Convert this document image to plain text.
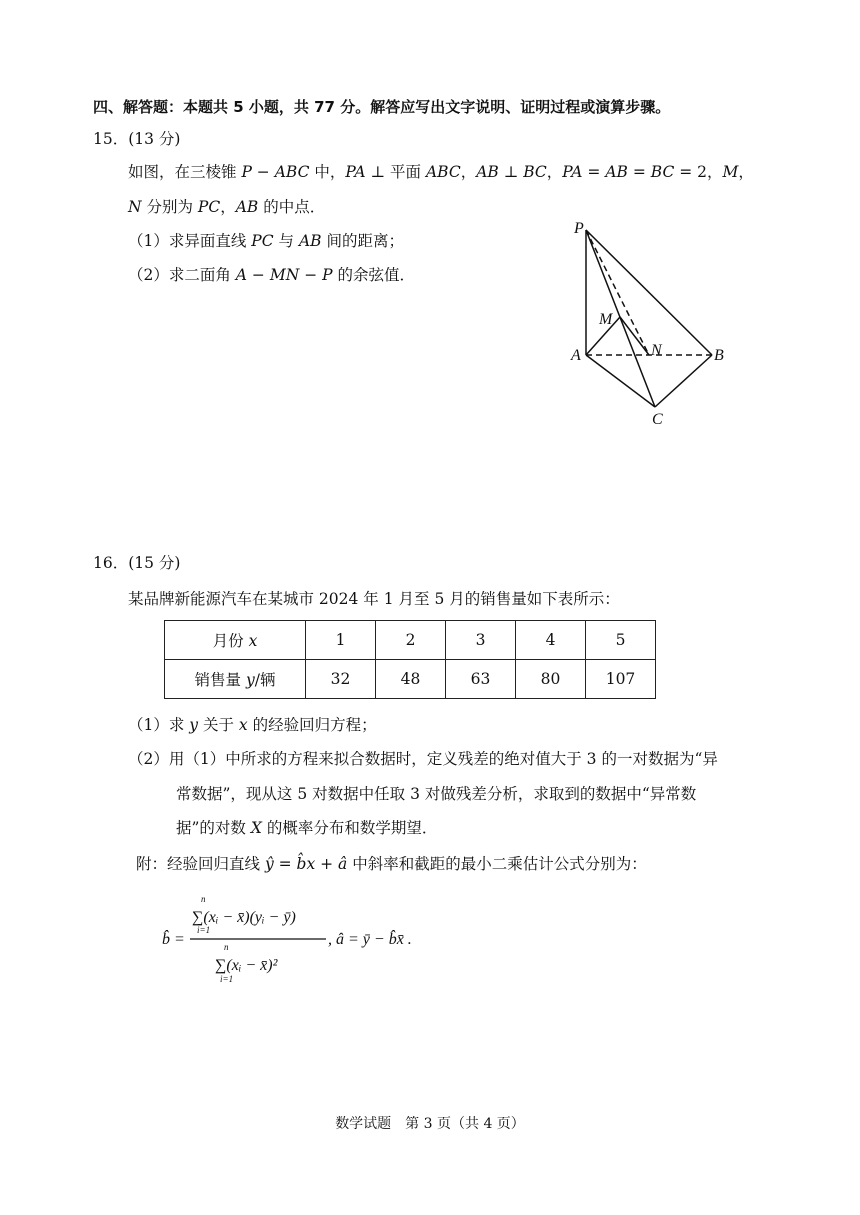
四、解答题：本题共 5 小题，共 77 分。解答应写出文字说明、证明过程或演算步骤。
15．(13 分)
如图，在三棱锥 P − ABC 中，PA ⊥ 平面 ABC，AB ⊥ BC，PA = AB = BC = 2，M，
N 分别为 PC，AB 的中点．
（1）求异面直线 PC 与 AB 间的距离；
（2）求二面角 A − MN − P 的余弦值．
P
M
A	N	B
C
16．(15 分)
某品牌新能源汽车在某城市 2024 年 1 月至 5 月的销售量如下表所示：
月份 x	1	2	3	4	5
销售量 y/辆	32	48	63	80	107
（1）求 y 关于 x 的经验回归方程；
（2）用（1）中所求的方程来拟合数据时，定义残差的绝对值大于 3 的一对数据为“异
常数据”，现从这 5 对数据中任取 3 对做残差分析，求取到的数据中“异常数
据”的对数 X 的概率分布和数学期望．
附：经验回归直线 ŷ = b̂x + â 中斜率和截距的最小二乘估计公式分别为：
b̂ =
n
∑(xᵢ − x̄)(yᵢ − ȳ)
i=1
n
∑(xᵢ − x̄)²
i=1
, â = ȳ − b̂x̄ .
数学试题　第 3 页（共 4 页）
